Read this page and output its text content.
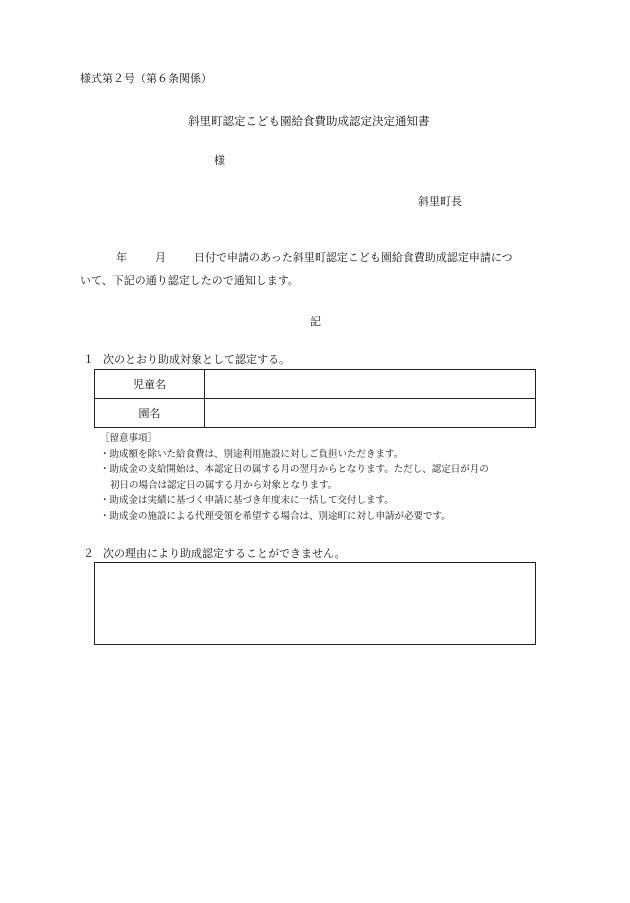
様式第２号（第６条関係）
斜里町認定こども園給食費助成認定決定通知書
様
斜里町長
年	月	日付で申請のあった斜里町認定こども園給食費助成認定申請につ
いて、下記の通り認定したので通知します。
記
１ 次のとおり助成対象として認定する。
児童名	
園名	
［留意事項］
・助成額を除いた給食費は、別途利用施設に対しご負担いただきます。
・助成金の支給開始は、本認定日の属する月の翌月からとなります。ただし、認定日が月の
初日の場合は認定日の属する月から対象となります。
・助成金は実績に基づく申請に基づき年度末に一括して交付します。
・助成金の施設による代理受領を希望する場合は、別途町に対し申請が必要です。
２ 次の理由により助成認定することができません。
